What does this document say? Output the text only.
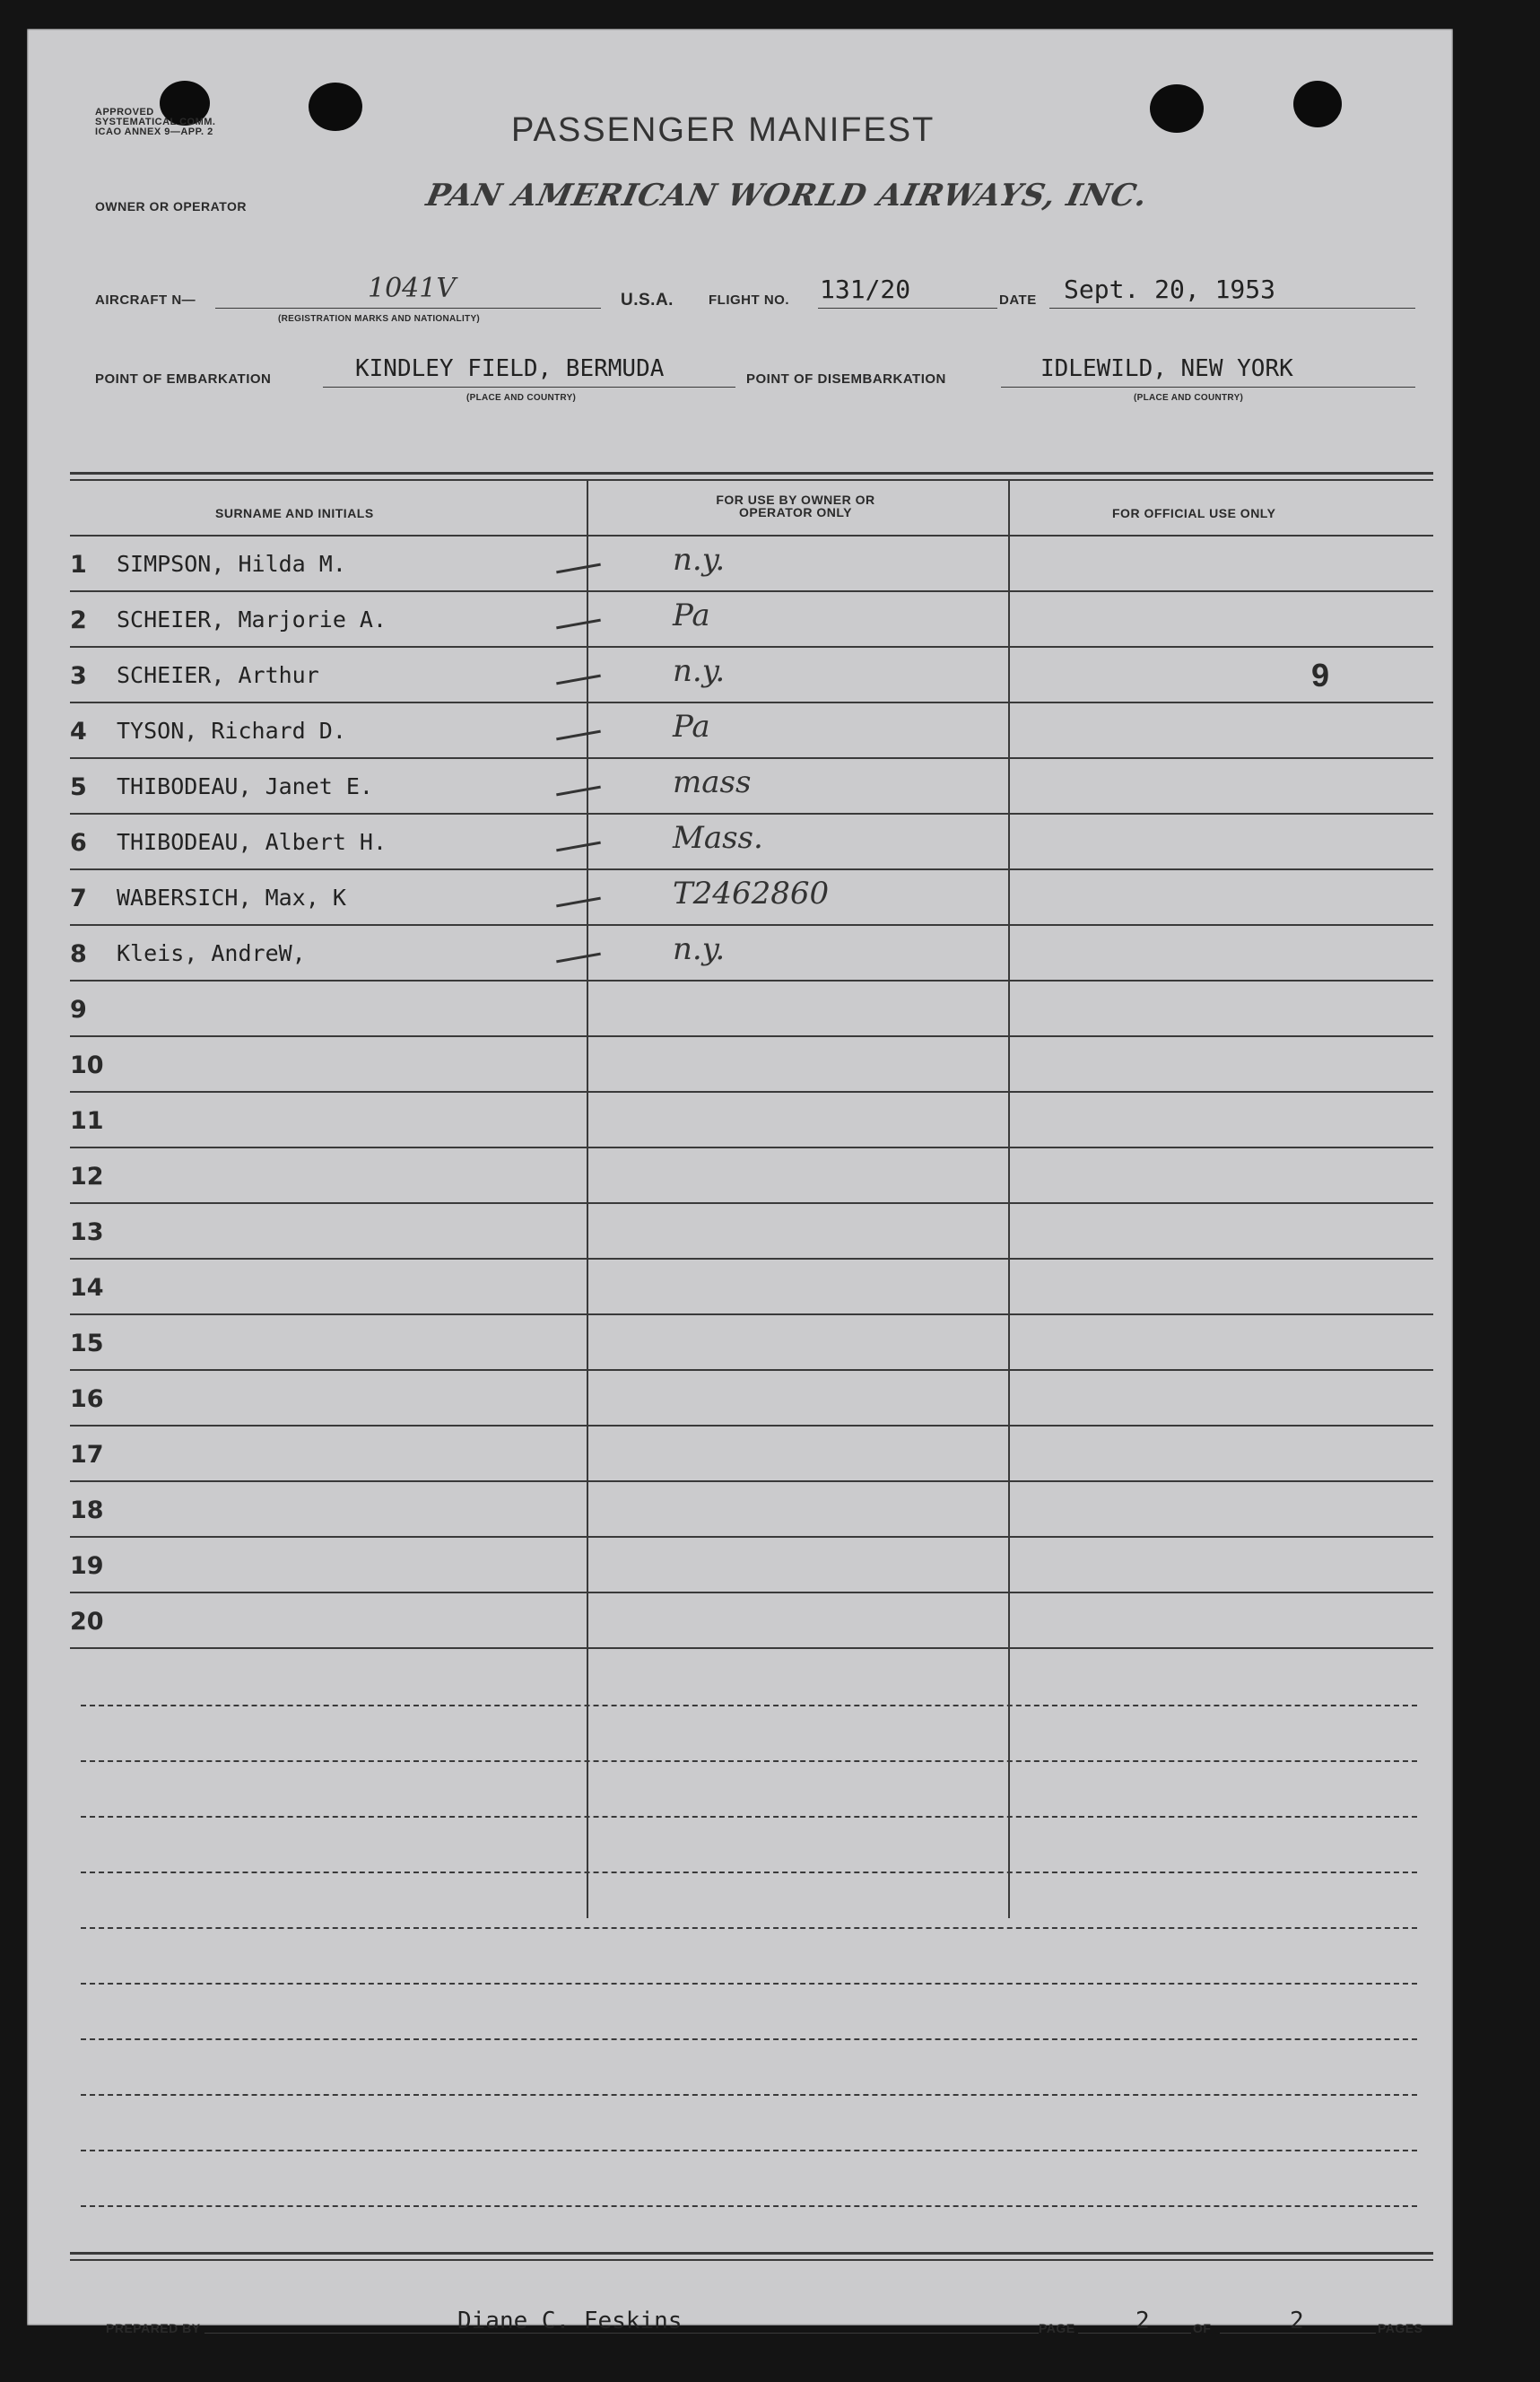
APPROVED
SYSTEMATICAL COMM.
ICAO ANNEX 9—APP. 2	PASSENGER MANIFEST
OWNER OR OPERATOR	PAN AMERICAN WORLD AIRWAYS, INC.
AIRCRAFT N—	1041V
(REGISTRATION MARKS AND NATIONALITY)
U.S.A.	FLIGHT NO. 131/20	DATE Sept. 20, 1953
POINT OF EMBARKATION	KINDLEY FIELD, BERMUDA
(PLACE AND COUNTRY)
POINT OF DISEMBARKATION	IDLEWILD, NEW YORK
(PLACE AND COUNTRY)
SURNAME AND INITIALS
FOR USE BY OWNER OR OPERATOR ONLY	FOR OFFICIAL USE ONLY
1	SIMPSON, Hilda M.	n.y.
2	SCHEIER, Marjorie A.	Pa
3	SCHEIER, Arthur	n.y.	9
4	TYSON, Richard D.	Pa
5	THIBODEAU, Janet E.	mass
6	THIBODEAU, Albert H.	Mass.
7	WABERSICH, Max, K	T2462860
8	Kleis, AndreW,	n.y.
9
10
11
12
13
14
15
16
17
18
19
20
PREPARED BY	Diane C. Feskins	PAGE	2	OF	2	PAGES
